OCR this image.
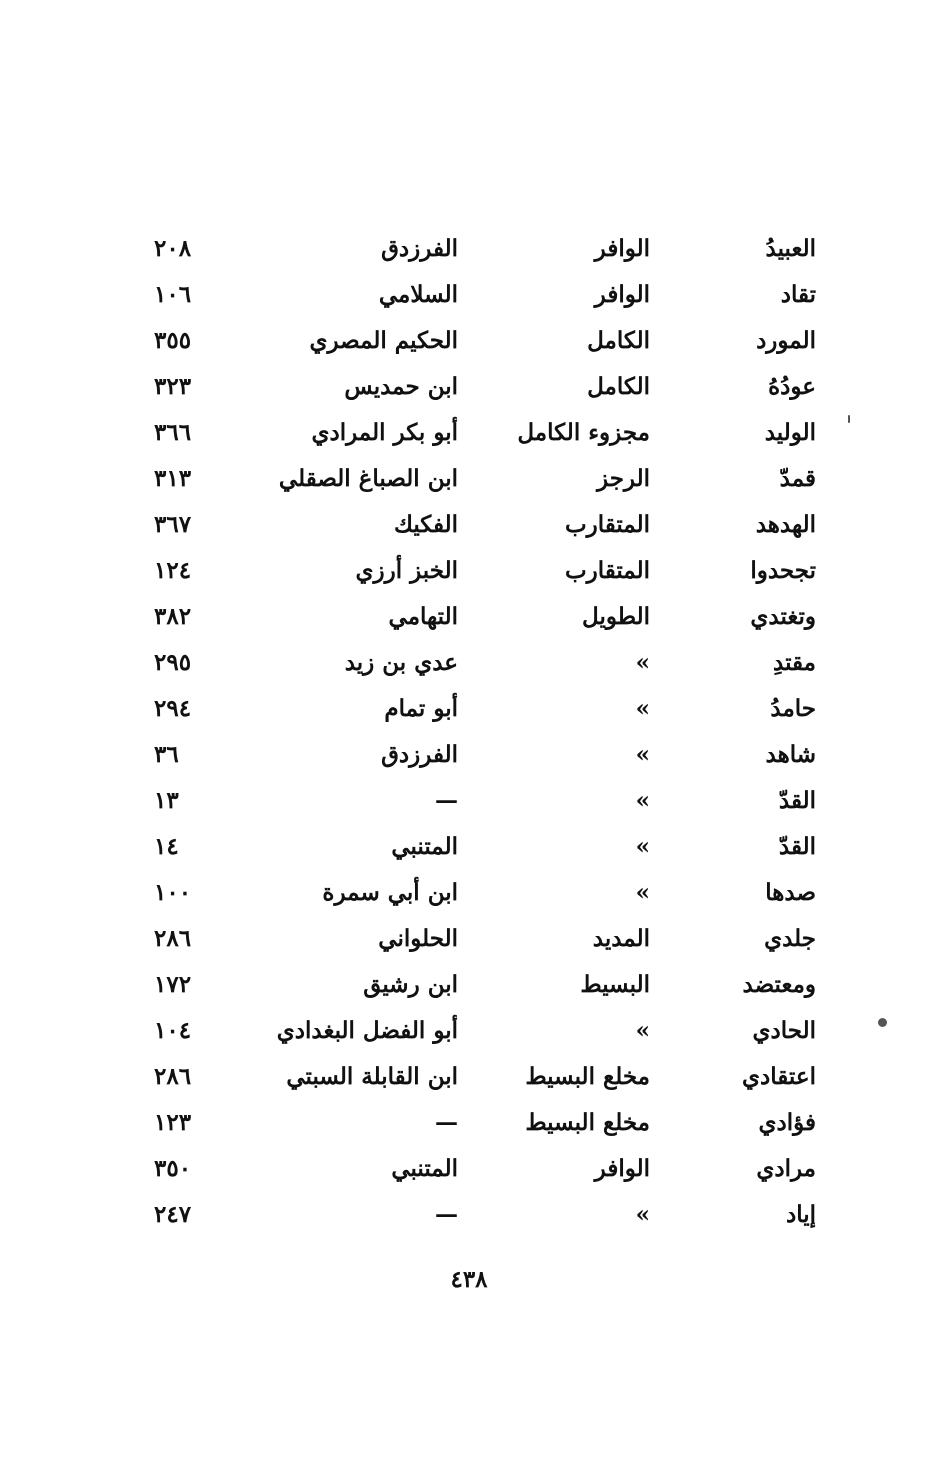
العبيدُ
الوافر
الفرزدق
٢٠٨
تقاد
الوافر
السلامي
١٠٦
المورد
الكامل
الحكيم المصري
٣٥٥
عودُهُ
الكامل
ابن حمديس
٣٢٣
الوليد
مجزوء الكامل
أبو بكر المرادي
٣٦٦
قمدّ
الرجز
ابن الصباغ الصقلي
٣١٣
الهدهد
المتقارب
الفكيك
٣٦٧
تجحدوا
المتقارب
الخبز أرزي
١٢٤
وتغتدي
الطويل
التهامي
٣٨٢
مقتدِ
»
عدي بن زيد
٢٩٥
حامدُ
»
أبو تمام
٢٩٤
شاهد
»
الفرزدق
٣٦
القدّ
»
—
١٣
القدّ
»
المتنبي
١٤
صدها
»
ابن أبي سمرة
١٠٠
جلدي
المديد
الحلواني
٢٨٦
ومعتضد
البسيط
ابن رشيق
١٧٢
الحادي
»
أبو الفضل البغدادي
١٠٤
اعتقادي
مخلع البسيط
ابن القابلة السبتي
٢٨٦
فؤادي
مخلع البسيط
—
١٢٣
مرادي
الوافر
المتنبي
٣٥٠
إياد
»
—
٢٤٧
٤٣٨
